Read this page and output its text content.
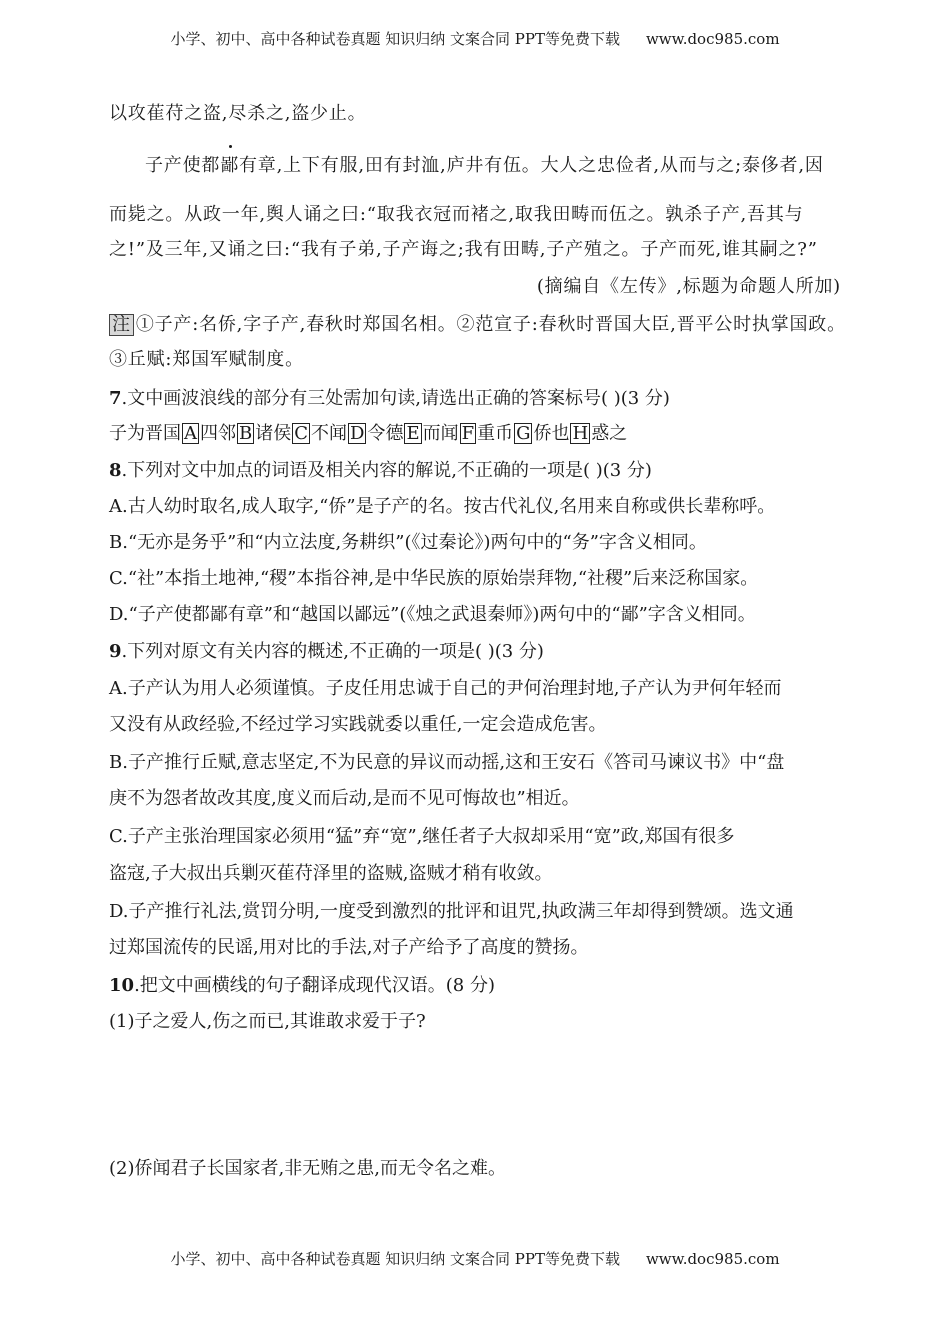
小学、初中、高中各种试卷真题 知识归纳 文案合同 PPT等免费下载 www.doc985.com
以攻萑苻之盗,尽杀之,盗少止。
子产使都鄙有章,上下有服,田有封洫,庐井有伍。大人之忠俭者,从而与之;泰侈者,因
而毙之。从政一年,舆人诵之曰:“取我衣冠而褚之,取我田畴而伍之。孰杀子产,吾其与
之!”及三年,又诵之曰:“我有子弟,子产诲之;我有田畴,子产殖之。子产而死,谁其嗣之?”
(摘编自《左传》,标题为命题人所加)
注 ①子产:名侨,字子产,春秋时郑国名相。②范宣子:春秋时晋国大臣,晋平公时执掌国政。
③丘赋:郑国军赋制度。
7.文中画波浪线的部分有三处需加句读,请选出正确的答案标号( )(3 分)
子为晋国 A 四邻 B 诸侯 C 不闻 D 令德 E 而闻 F 重币 G 侨也 H 惑之
8.下列对文中加点的词语及相关内容的解说,不正确的一项是( )(3 分)
A.古人幼时取名,成人取字,“侨”是子产的名。按古代礼仪,名用来自称或供长辈称呼。
B.“无亦是务乎”和“内立法度,务耕织”(《过秦论》)两句中的“务”字含义相同。
C.“社”本指土地神,“稷”本指谷神,是中华民族的原始崇拜物,“社稷”后来泛称国家。
D.“子产使都鄙有章”和“越国以鄙远”(《烛之武退秦师》)两句中的“鄙”字含义相同。
9.下列对原文有关内容的概述,不正确的一项是( )(3 分)
A.子产认为用人必须谨慎。子皮任用忠诚于自己的尹何治理封地,子产认为尹何年轻而
又没有从政经验,不经过学习实践就委以重任,一定会造成危害。
B.子产推行丘赋,意志坚定,不为民意的异议而动摇,这和王安石《答司马谏议书》中“盘
庚不为怨者故改其度,度义而后动,是而不见可悔故也”相近。
C.子产主张治理国家必须用“猛”弃“宽”,继任者子大叔却采用“宽”政,郑国有很多
盗寇,子大叔出兵剿灭萑苻泽里的盗贼,盗贼才稍有收敛。
D.子产推行礼法,赏罚分明,一度受到激烈的批评和诅咒,执政满三年却得到赞颂。选文通
过郑国流传的民谣,用对比的手法,对子产给予了高度的赞扬。
10.把文中画横线的句子翻译成现代汉语。(8 分)
(1)子之爱人,伤之而已,其谁敢求爱于子?
(2)侨闻君子长国家者,非无贿之患,而无令名之难。
小学、初中、高中各种试卷真题 知识归纳 文案合同 PPT等免费下载 www.doc985.com
